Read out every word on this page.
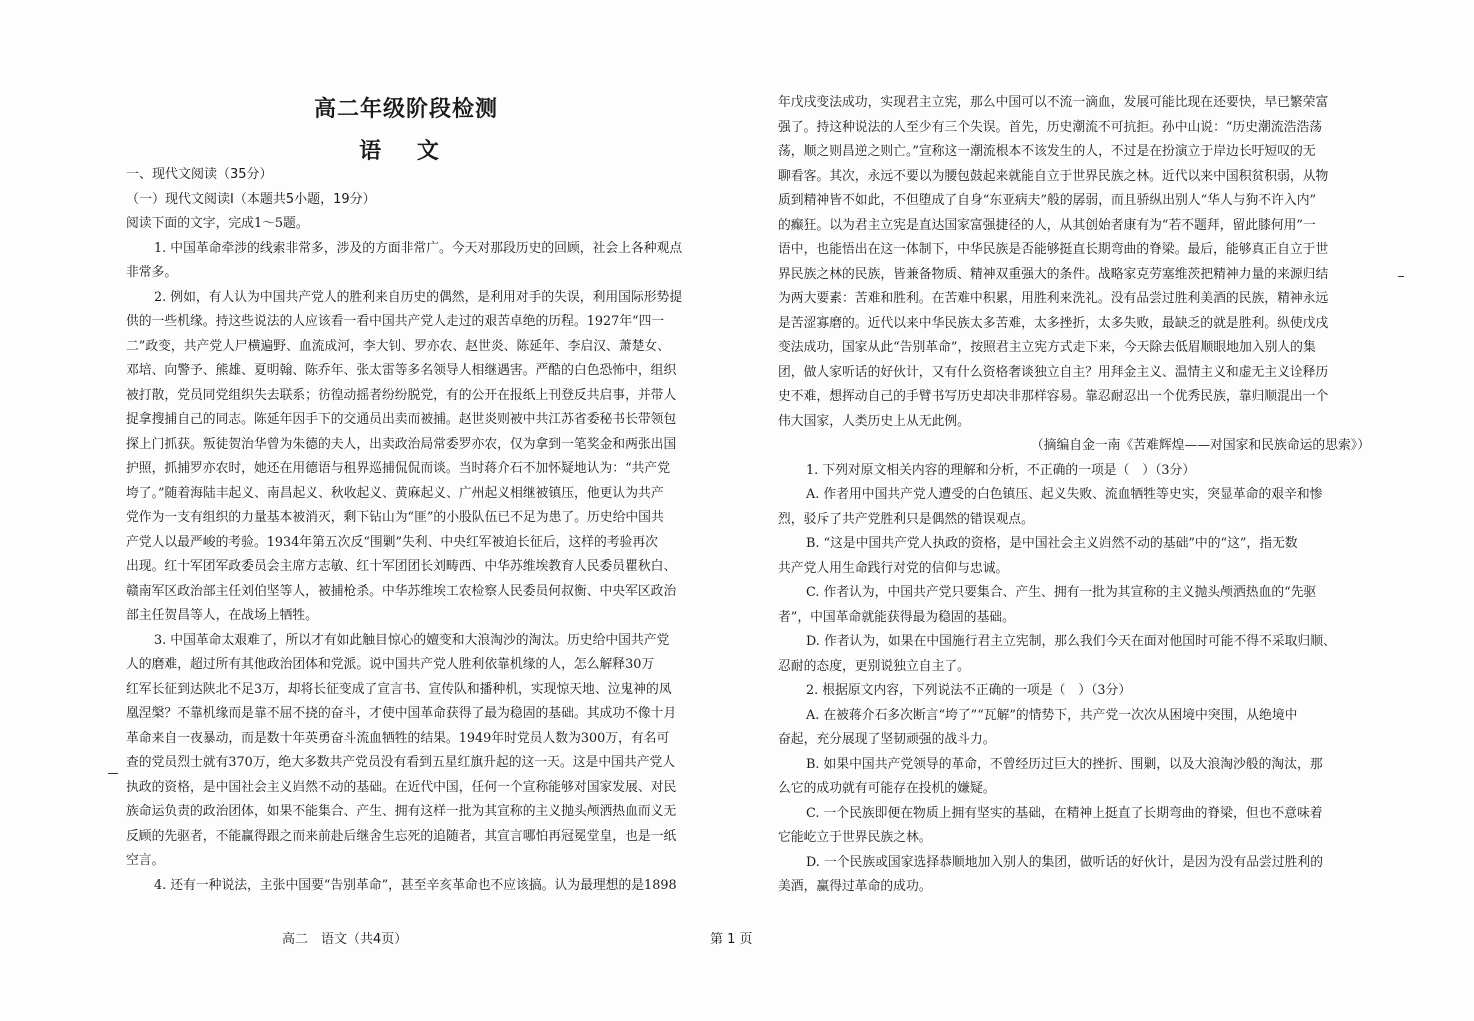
高二年级阶段检测
语 文
一、现代文阅读（35分）
（一）现代文阅读Ⅰ（本题共5小题，19分）
阅读下面的文字，完成1～5题。
1. 中国革命牵涉的线索非常多，涉及的方面非常广。今天对那段历史的回顾，社会上各种观点
非常多。
2. 例如，有人认为中国共产党人的胜利来自历史的偶然，是利用对手的失误，利用国际形势提
供的一些机缘。持这些说法的人应该看一看中国共产党人走过的艰苦卓绝的历程。1927年“四一
二”政变，共产党人尸横遍野、血流成河，李大钊、罗亦农、赵世炎、陈延年、李启汉、萧楚女、
邓培、向警予、熊雄、夏明翰、陈乔年、张太雷等多名领导人相继遇害。严酷的白色恐怖中，组织
被打散，党员同党组织失去联系；彷徨动摇者纷纷脱党，有的公开在报纸上刊登反共启事，并带人
捉拿搜捕自己的同志。陈延年因手下的交通员出卖而被捕。赵世炎则被中共江苏省委秘书长带领包
探上门抓获。叛徒贺治华曾为朱德的夫人，出卖政治局常委罗亦农，仅为拿到一笔奖金和两张出国
护照，抓捕罗亦农时，她还在用德语与租界巡捕侃侃而谈。当时蒋介石不加怀疑地认为：“共产党
垮了。”随着海陆丰起义、南昌起义、秋收起义、黄麻起义、广州起义相继被镇压，他更认为共产
党作为一支有组织的力量基本被消灭，剩下钻山为“匪”的小股队伍已不足为患了。历史给中国共
产党人以最严峻的考验。1934年第五次反“围剿”失利、中央红军被迫长征后，这样的考验再次
出现。红十军团军政委员会主席方志敏、红十军团团长刘畴西、中华苏维埃教育人民委员瞿秋白、
赣南军区政治部主任刘伯坚等人，被捕枪杀。中华苏维埃工农检察人民委员何叔衡、中央军区政治
部主任贺昌等人，在战场上牺牲。
3. 中国革命太艰难了，所以才有如此触目惊心的嬗变和大浪淘沙的淘汰。历史给中国共产党
人的磨难，超过所有其他政治团体和党派。说中国共产党人胜利依靠机缘的人，怎么解释30万
红军长征到达陕北不足3万，却将长征变成了宣言书、宣传队和播种机，实现惊天地、泣鬼神的凤
凰涅槃？不靠机缘而是靠不屈不挠的奋斗，才使中国革命获得了最为稳固的基础。其成功不像十月
革命来自一夜暴动，而是数十年英勇奋斗流血牺牲的结果。1949年时党员人数为300万，有名可
查的党员烈士就有370万，绝大多数共产党员没有看到五星红旗升起的这一天。这是中国共产党人
执政的资格，是中国社会主义岿然不动的基础。在近代中国，任何一个宣称能够对国家发展、对民
族命运负责的政治团体，如果不能集合、产生、拥有这样一批为其宣称的主义抛头颅洒热血而义无
反顾的先驱者，不能赢得跟之而来前赴后继舍生忘死的追随者，其宣言哪怕再冠冕堂皇，也是一纸
空言。
4. 还有一种说法，主张中国要“告别革命”，甚至辛亥革命也不应该搞。认为最理想的是1898
年戊戌变法成功，实现君主立宪，那么中国可以不流一滴血，发展可能比现在还要快，早已繁荣富
强了。持这种说法的人至少有三个失误。首先，历史潮流不可抗拒。孙中山说：“历史潮流浩浩荡
荡，顺之则昌逆之则亡。”宣称这一潮流根本不该发生的人，不过是在扮演立于岸边长吁短叹的无
聊看客。其次，永远不要以为腰包鼓起来就能自立于世界民族之林。近代以来中国积贫积弱，从物
质到精神皆不如此，不但堕成了自身“东亚病夫”般的孱弱，而且骄纵出别人“华人与狗不许入内”
的癫狂。以为君主立宪是直达国家富强捷径的人，从其创始者康有为“若不题拜，留此膝何用”一
语中，也能悟出在这一体制下，中华民族是否能够挺直长期弯曲的脊梁。最后，能够真正自立于世
界民族之林的民族，皆兼备物质、精神双重强大的条件。战略家克劳塞维茨把精神力量的来源归结
为两大要素：苦难和胜利。在苦难中积累，用胜利来洗礼。没有品尝过胜利美酒的民族，精神永远
是苦涩寡磨的。近代以来中华民族太多苦难，太多挫折，太多失败，最缺乏的就是胜利。纵使戊戌
变法成功，国家从此“告别革命”，按照君主立宪方式走下来，今天除去低眉顺眼地加入别人的集
团，做人家听话的好伙计，又有什么资格奢谈独立自主？用拜金主义、温情主义和虚无主义诠释历
史不难，想挥动自己的手臂书写历史却决非那样容易。靠忍耐忍出一个优秀民族，靠归顺混出一个
伟大国家，人类历史上从无此例。
（摘编自金一南《苦难辉煌——对国家和民族命运的思索》）
1. 下列对原文相关内容的理解和分析，不正确的一项是（　）（3分）
A. 作者用中国共产党人遭受的白色镇压、起义失败、流血牺牲等史实，突显革命的艰辛和惨
烈，驳斥了共产党胜利只是偶然的错误观点。
B. “这是中国共产党人执政的资格，是中国社会主义岿然不动的基础”中的“这”，指无数
共产党人用生命践行对党的信仰与忠诚。
C. 作者认为，中国共产党只要集合、产生、拥有一批为其宣称的主义抛头颅洒热血的“先驱
者”，中国革命就能获得最为稳固的基础。
D. 作者认为，如果在中国施行君主立宪制，那么我们今天在面对他国时可能不得不采取归顺、
忍耐的态度，更别说独立自主了。
2. 根据原文内容，下列说法不正确的一项是（　）（3分）
A. 在被蒋介石多次断言“垮了”“瓦解”的情势下，共产党一次次从困境中突围，从绝境中
奋起，充分展现了坚韧顽强的战斗力。
B. 如果中国共产党领导的革命，不曾经历过巨大的挫折、围剿，以及大浪淘沙般的淘汰，那
么它的成功就有可能存在投机的嫌疑。
C. 一个民族即便在物质上拥有坚实的基础，在精神上挺直了长期弯曲的脊梁，但也不意味着
它能屹立于世界民族之林。
D. 一个民族或国家选择恭顺地加入别人的集团，做听话的好伙计，是因为没有品尝过胜利的
美酒，赢得过革命的成功。
高二　语文（共4页）	第 1 页
